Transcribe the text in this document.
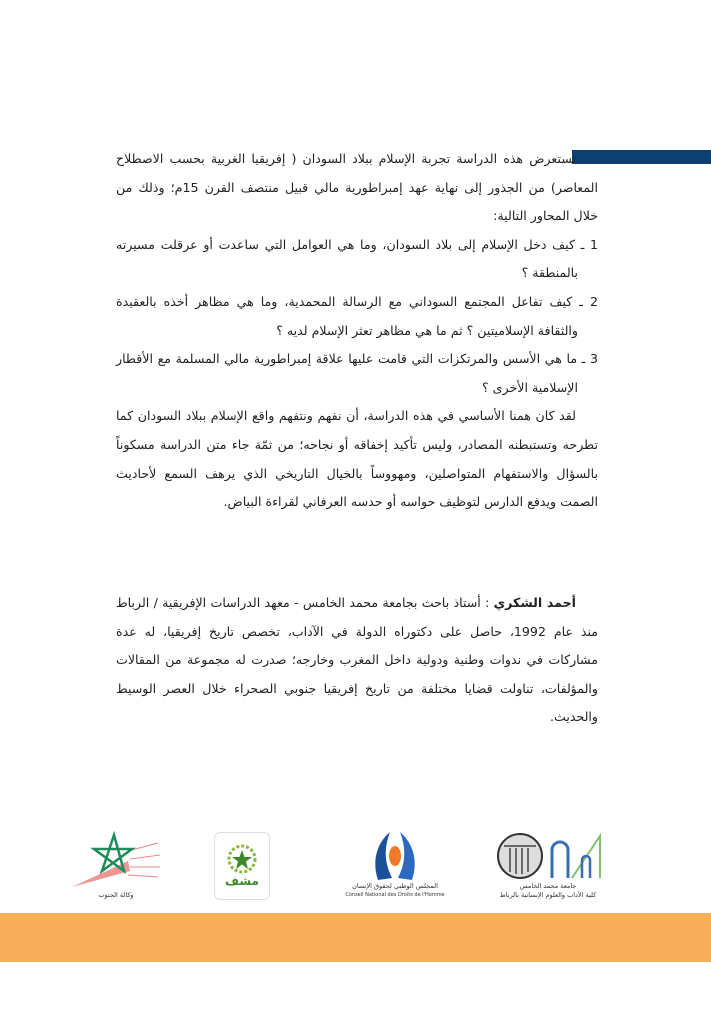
تستعرض هذه الدراسة تجربة الإسلام ببلاد السودان ( إفريقيا الغربية بحسب الاصطلاح المعاصر) من الجذور إلى نهاية عهد إمبراطورية مالي قبيل منتصف القرن 15م؛ وذلك من خلال المحاور التالية:

1 ـ كيف دخل الإسلام إلى بلاد السودان، وما هي العوامل التي ساعدت أو عرقلت مسيرته بالمنطقة ؟

2 ـ كيف تفاعل المجتمع السوداني مع الرسالة المحمدية، وما هي مظاهر أخذه بالعقيدة والثقافة الإسلاميتين ؟ ثم ما هي مظاهر تعثر الإسلام لديه ؟

3 ـ ما هي الأسس والمرتكزات التي قامت عليها علاقة إمبراطورية مالي المسلمة مع الأقطار الإسلامية الأخرى ؟

لقد كان همنا الأساسي في هذه الدراسة، أن نفهم ونتفهم واقع الإسلام ببلاد السودان كما تطرحه وتستبطنه المصادر، وليس تأكيد إخفاقه أو نجاحه؛ من ثمّة جاء متن الدراسة مسكوناً بالسؤال والاستفهام المتواصلين، ومهووساً بالخيال التاريخي الذي يرهف السمع لأحاديث الصمت ويدفع الدارس لتوظيف حواسه أو حدسه العرفاني لقراءة البياض.

أحمد الشكري : أستاذ باحث بجامعة محمد الخامس - معهد الدراسات الإفريقية / الرباط منذ عام 1992، حاصل على دكتوراه الدولة في الآداب، تخصص تاريخ إفريقيا، له عدة مشاركات في ندوات وطنية ودولية داخل المغرب وخارجه؛ صدرت له مجموعة من المقالات والمؤلفات، تناولت قضايا مختلفة من تاريخ إفريقيا جنوبي الصحراء خلال العصر الوسيط والحديث.

وكالة الجنوب
مشف	المجلس الوطني لحقوق الإنسان
Conseil National des Droits de l'Homme
جامعة محمد الخامس
كلية الآداب والعلوم الإنسانية بالرباط
